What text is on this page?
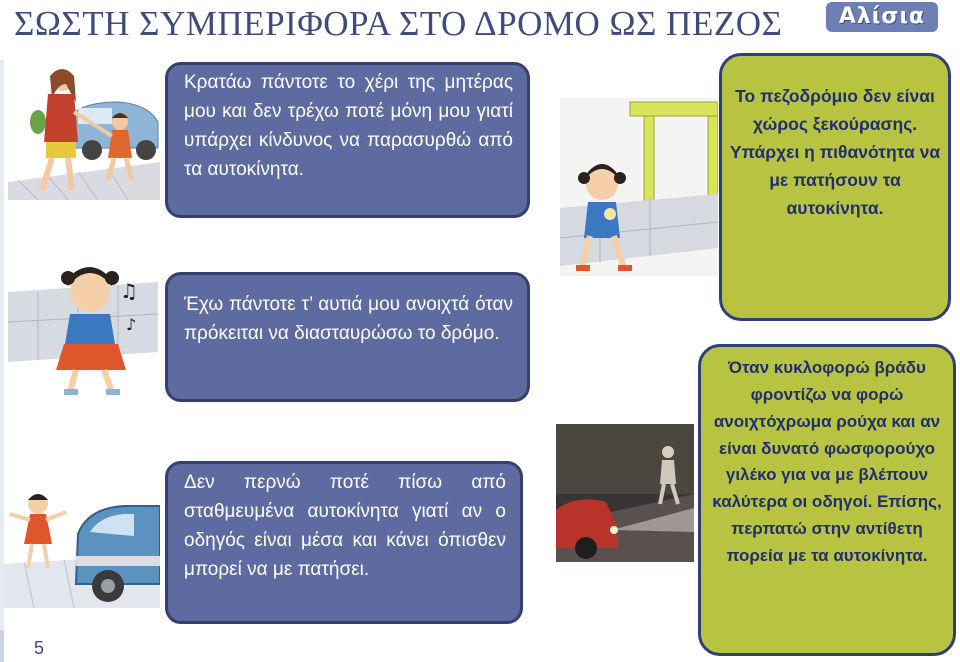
ΣΩΣΤΗ ΣΥΜΠΕΡΙΦΟΡΑ ΣΤΟ ΔΡΟΜΟ ΩΣ ΠΕΖΟΣ	Αλίσια
5
♫
♪
Κρατάω πάντοτε το χέρι της μητέρας μου και δεν τρέχω ποτέ μόνη μου γιατί υπάρχει κίνδυνος να παρασυρθώ από τα αυτοκίνητα.
Έχω πάντοτε τ’ αυτιά μου ανοιχτά όταν πρόκειται να διασταυρώσω το δρόμο.
Δεν περνώ ποτέ πίσω από σταθμευμένα αυτοκίνητα γιατί αν ο οδηγός είναι μέσα και κάνει όπισθεν μπορεί να με πατήσει.
Το πεζοδρόμιο δεν είναι χώρος ξεκούρασης. Υπάρχει η πιθανότητα να με πατήσουν τα αυτοκίνητα.
Όταν κυκλοφορώ βράδυ φροντίζω να φορώ ανοιχτόχρωμα ρούχα και αν είναι δυνατό φωσφορούχο γιλέκο για να με βλέπουν καλύτερα οι οδηγοί. Επίσης, περπατώ στην αντίθετη πορεία με τα αυτοκίνητα.
